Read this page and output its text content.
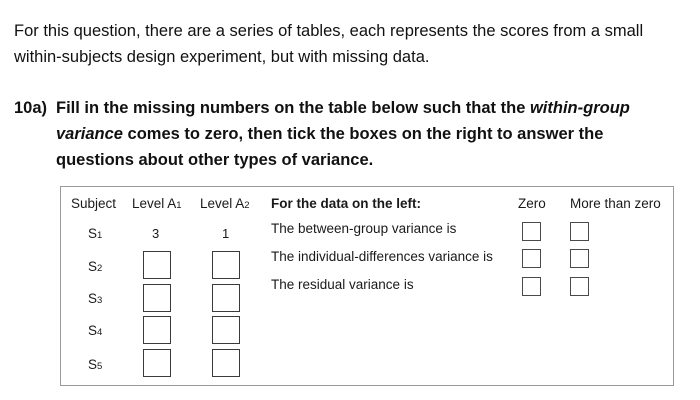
For this question, there are a series of tables, each represents the scores from a small
within-subjects design experiment, but with missing data.
10a) Fill in the missing numbers on the table below such that the within-group
variance comes to zero, then tick the boxes on the right to answer the
questions about other types of variance.
Subject Level A1 Level A2
S1	3	1
S2
S3
S4
S5
For the data on the left:	Zero More than zero
The between-group variance is
The individual-differences variance is
The residual variance is
